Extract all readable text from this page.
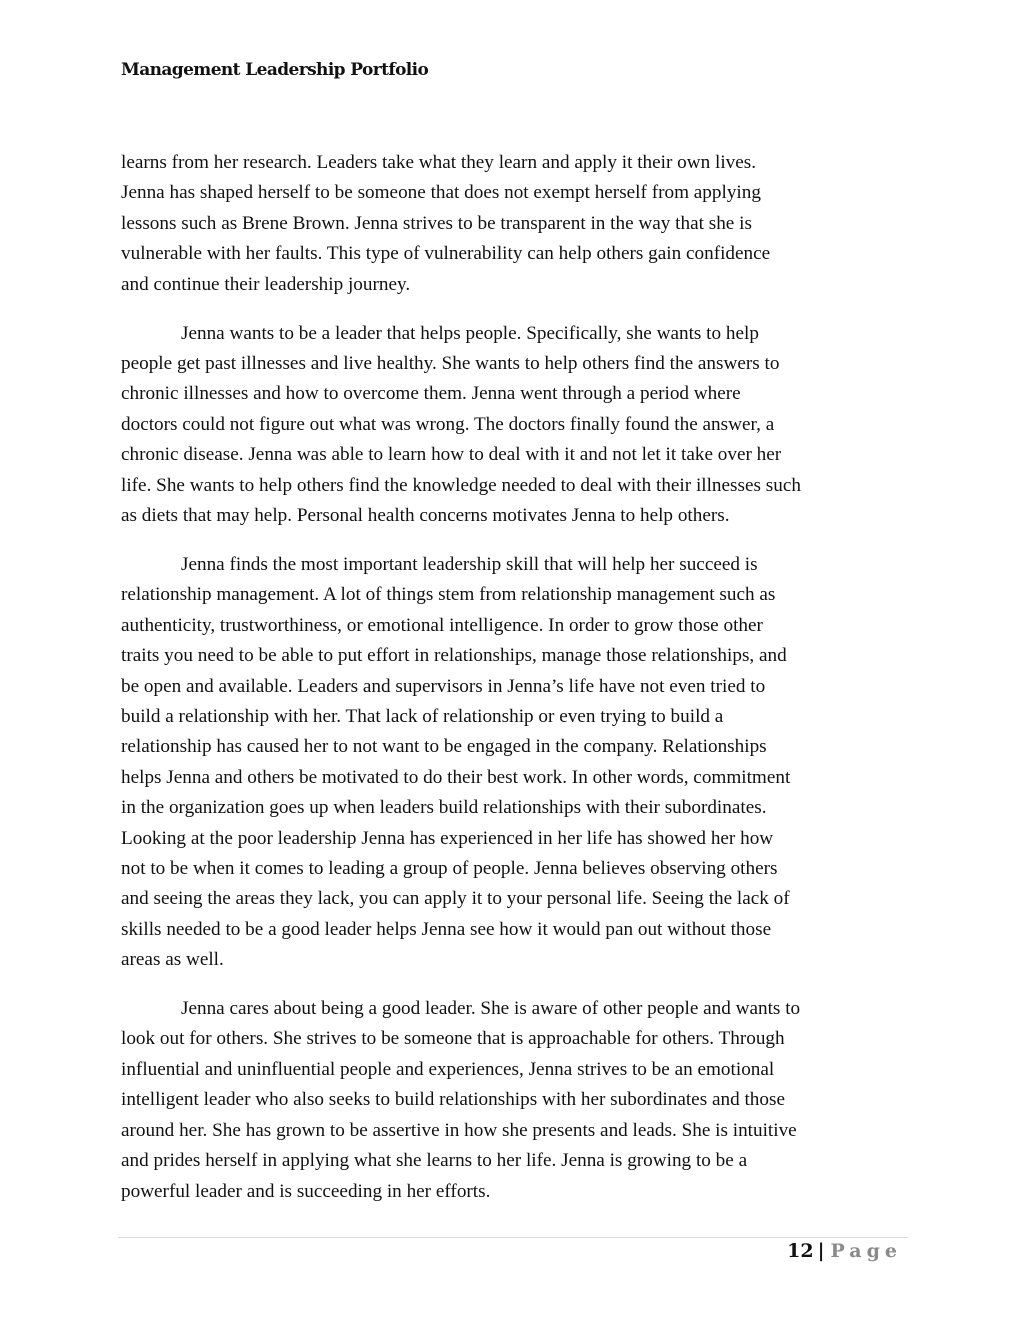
Management Leadership Portfolio

learns from her research. Leaders take what they learn and apply it their own lives.
Jenna has shaped herself to be someone that does not exempt herself from applying
lessons such as Brene Brown. Jenna strives to be transparent in the way that she is
vulnerable with her faults. This type of vulnerability can help others gain confidence
and continue their leadership journey.

Jenna wants to be a leader that helps people. Specifically, she wants to help
people get past illnesses and live healthy. She wants to help others find the answers to
chronic illnesses and how to overcome them. Jenna went through a period where
doctors could not figure out what was wrong. The doctors finally found the answer, a
chronic disease. Jenna was able to learn how to deal with it and not let it take over her
life. She wants to help others find the knowledge needed to deal with their illnesses such
as diets that may help. Personal health concerns motivates Jenna to help others.

Jenna finds the most important leadership skill that will help her succeed is
relationship management. A lot of things stem from relationship management such as
authenticity, trustworthiness, or emotional intelligence. In order to grow those other
traits you need to be able to put effort in relationships, manage those relationships, and
be open and available. Leaders and supervisors in Jenna’s life have not even tried to
build a relationship with her. That lack of relationship or even trying to build a
relationship has caused her to not want to be engaged in the company. Relationships
helps Jenna and others be motivated to do their best work. In other words, commitment
in the organization goes up when leaders build relationships with their subordinates.
Looking at the poor leadership Jenna has experienced in her life has showed her how
not to be when it comes to leading a group of people. Jenna believes observing others
and seeing the areas they lack, you can apply it to your personal life. Seeing the lack of
skills needed to be a good leader helps Jenna see how it would pan out without those
areas as well.

Jenna cares about being a good leader. She is aware of other people and wants to
look out for others. She strives to be someone that is approachable for others. Through
influential and uninfluential people and experiences, Jenna strives to be an emotional
intelligent leader who also seeks to build relationships with her subordinates and those
around her. She has grown to be assertive in how she presents and leads. She is intuitive
and prides herself in applying what she learns to her life. Jenna is growing to be a
powerful leader and is succeeding in her efforts.

12 | Page
